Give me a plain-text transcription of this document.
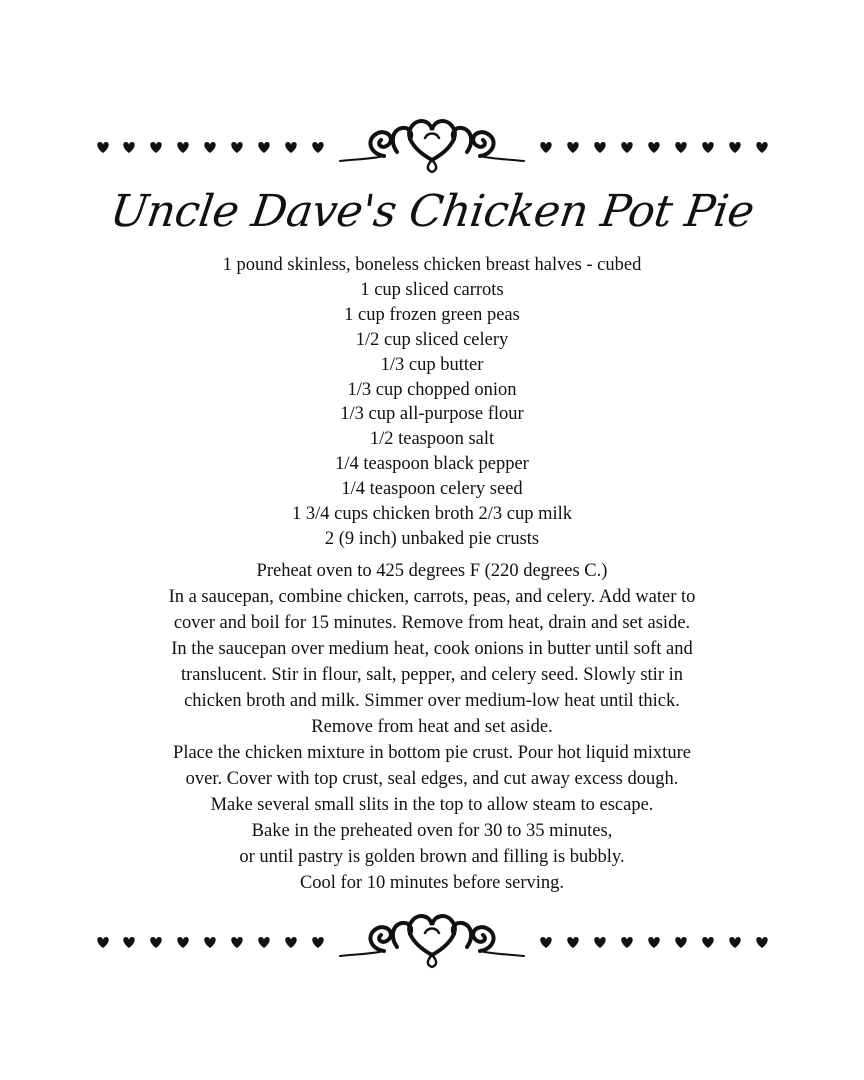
Uncle Dave's Chicken Pot Pie
1 pound skinless, boneless chicken breast halves - cubed
1 cup sliced carrots
1 cup frozen green peas
1/2 cup sliced celery
1/3 cup butter
1/3 cup chopped onion
1/3 cup all-purpose flour
1/2 teaspoon salt
1/4 teaspoon black pepper
1/4 teaspoon celery seed
1 3/4 cups chicken broth 2/3 cup milk
2 (9 inch) unbaked pie crusts
Preheat oven to 425 degrees F (220 degrees C.)
In a saucepan, combine chicken, carrots, peas, and celery. Add water to
cover and boil for 15 minutes. Remove from heat, drain and set aside.
In the saucepan over medium heat, cook onions in butter until soft and
translucent. Stir in flour, salt, pepper, and celery seed. Slowly stir in
chicken broth and milk. Simmer over medium-low heat until thick.
Remove from heat and set aside.
Place the chicken mixture in bottom pie crust. Pour hot liquid mixture
over. Cover with top crust, seal edges, and cut away excess dough.
Make several small slits in the top to allow steam to escape.
Bake in the preheated oven for 30 to 35 minutes,
or until pastry is golden brown and filling is bubbly.
Cool for 10 minutes before serving.
